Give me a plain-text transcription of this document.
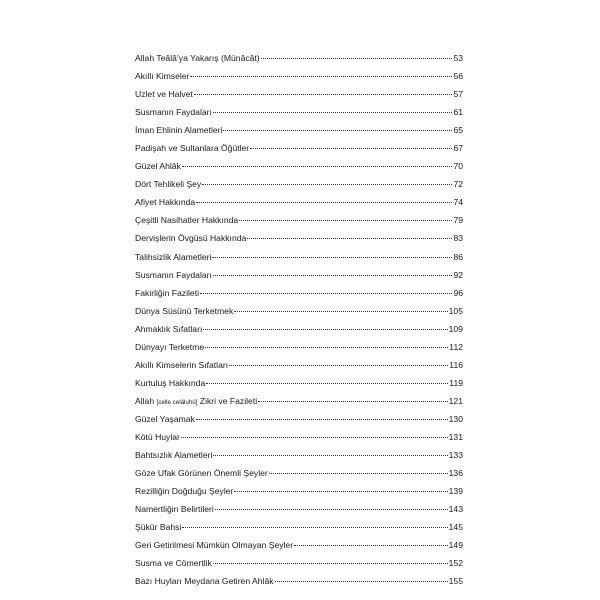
Allah Teâlâ’ya Yakarış (Münâcât)	53
Akıllı Kimseler	56
Uzlet ve Halvet	57
Susmanın Faydaları	61
İman Ehlinin Alametleri	65
Padişah ve Sultanlara Öğütler	67
Güzel Ahlâk	70
Dört Tehlikeli Şey	72
Afiyet Hakkında	74
Çeşitli Nasihatler Hakkında	79
Dervişlerin Övgüsü Hakkında	83
Talihsizlik Alametleri	86
Susmanın Faydaları	92
Fakirliğin Fazileti	96
Dünya Süsünü Terketmek	105
Ahmaklık Sıfatları	109
Dünyayı Terketme	112
Akıllı Kimselerin Sıfatları	116
Kurtuluş Hakkında	119
Allah [celle celâluhû] Zikri ve Fazileti	121
Güzel Yaşamak	130
Kötü Huylar	131
Bahtsızlık Alametleri	133
Göze Ufak Görünen Önemli Şeyler	136
Rezilliğin Doğduğu Şeyler	139
Namertliğin Belirtileri	143
Şükür Bahsi	145
Geri Getirilmesi Mümkün Olmayan Şeyler	149
Susma ve Cömertlik	152
Bazı Huyları Meydana Getiren Ahlâk	155
